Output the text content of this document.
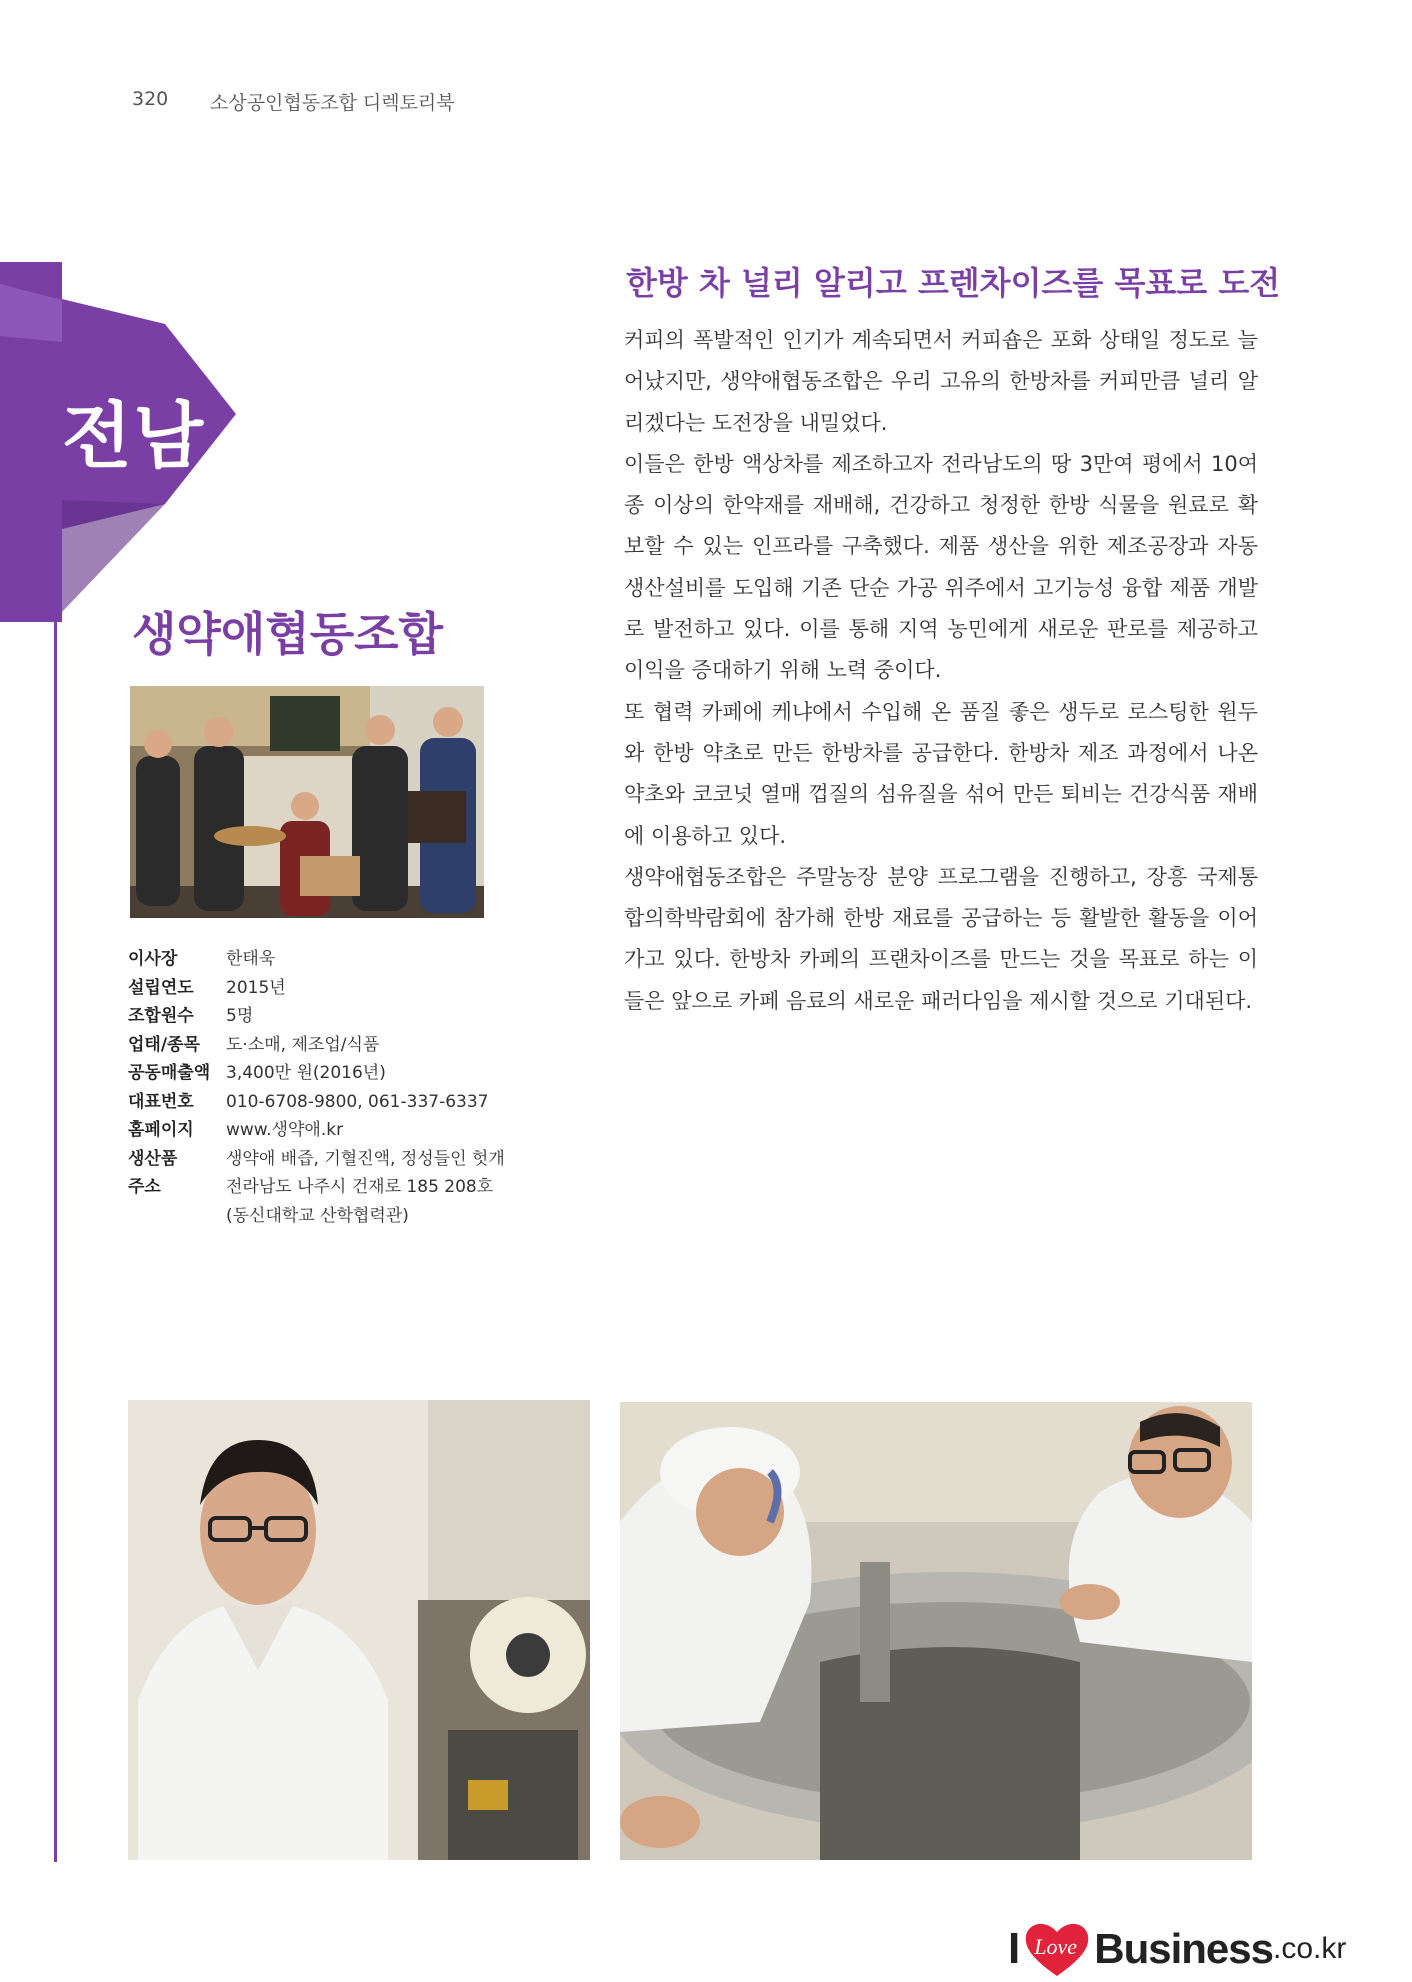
320 소상공인협동조합 디렉토리북
전남
생약애협동조합
이사장	한태욱
설립연도	2015년
조합원수	5명
업태/종목	도·소매, 제조업/식품
공동매출액 3,400만 원(2016년)
대표번호	010-6708-9800, 061-337-6337
홈페이지	www.생약애.kr
생산품	생약애 배즙, 기혈진액, 정성들인 헛개
주소	전라남도 나주시 건재로 185 208호
(동신대학교 산학협력관)
한방 차 널리 알리고 프렌차이즈를 목표로 도전

커피의 폭발적인 인기가 계속되면서 커피숍은 포화 상태일 정도로 늘어났지만, 생약애협동조합은 우리 고유의 한방차를 커피만큼 널리 알리겠다는 도전장을 내밀었다.

이들은 한방 액상차를 제조하고자 전라남도의 땅 3만여 평에서 10여 종 이상의 한약재를 재배해, 건강하고 청정한 한방 식물을 원료로 확보할 수 있는 인프라를 구축했다. 제품 생산을 위한 제조공장과 자동생산설비를 도입해 기존 단순 가공 위주에서 고기능성 융합 제품 개발로 발전하고 있다. 이를 통해 지역 농민에게 새로운 판로를 제공하고 이익을 증대하기 위해 노력 중이다.

또 협력 카페에 케냐에서 수입해 온 품질 좋은 생두로 로스팅한 원두와 한방 약초로 만든 한방차를 공급한다. 한방차 제조 과정에서 나온 약초와 코코넛 열매 껍질의 섬유질을 섞어 만든 퇴비는 건강식품 재배에 이용하고 있다.

생약애협동조합은 주말농장 분양 프로그램을 진행하고, 장흥 국제통합의학박람회에 참가해 한방 재료를 공급하는 등 활발한 활동을 이어가고 있다. 한방차 카페의 프랜차이즈를 만드는 것을 목표로 하는 이들은 앞으로 카페 음료의 새로운 패러다임을 제시할 것으로 기대된다.

I Love Business .co.kr
